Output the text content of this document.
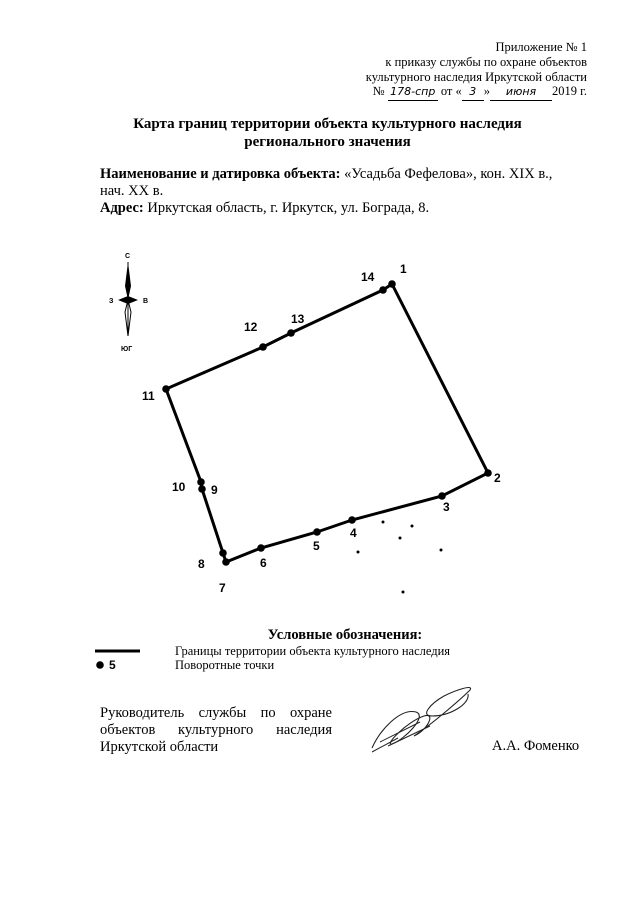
Приложение № 1
к приказу службы по охране объектов
культурного наследия Иркутской области
№ 178-спр от « 3 » июня 2019 г.
Карта границ территории объекта культурного наследия
регионального значения
Наименование и датировка объекта: «Усадьба Фефелова», кон. XIX в.,
нач. XX в.
Адрес: Иркутская область, г. Иркутск, ул. Бограда, 8.
С
ЮГ
З	В
1
2
3
4
5
6
7
8
9
10
11
12
13
14
Условные обозначения:
Границы территории объекта культурного наследия
5	Поворотные точки
Руководитель службы по охране
объектов культурного наследия
Иркутской области	А.А. Фоменко
